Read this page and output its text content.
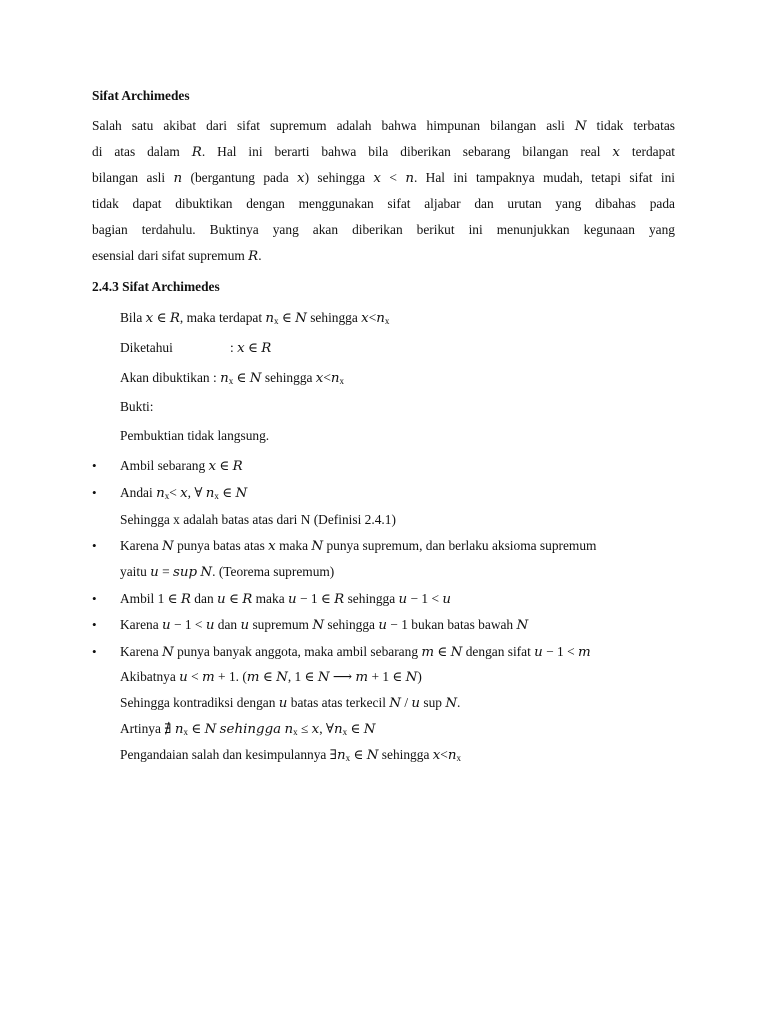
Sifat Archimedes
Salah satu akibat dari sifat supremum adalah bahwa himpunan bilangan asli 𝑁 tidak terbatas
di atas dalam 𝑅. Hal ini berarti bahwa bila diberikan sebarang bilangan real 𝑥 terdapat
bilangan asli 𝑛 (bergantung pada 𝑥) sehingga 𝑥 < 𝑛. Hal ini tampaknya mudah, tetapi sifat ini
tidak dapat dibuktikan dengan menggunakan sifat aljabar dan urutan yang dibahas pada
bagian terdahulu. Buktinya yang akan diberikan berikut ini menunjukkan kegunaan yang
esensial dari sifat supremum 𝑅.
2.4.3 Sifat Archimedes
Bila 𝑥 ∈ 𝑅, maka terdapat 𝑛$_x$ ∈ 𝑁 sehingga 𝑥<𝑛$_x$
Diketahui	: 𝑥 ∈ 𝑅
Akan dibuktikan : 𝑛$_x$ ∈ 𝑁 sehingga 𝑥<𝑛$_x$
Bukti:
Pembuktian tidak langsung.
•	Ambil sebarang 𝑥 ∈ 𝑅
•	Andai 𝑛$_x$< 𝑥, ∀ 𝑛$_x$ ∈ 𝑁
Sehingga x adalah batas atas dari N (Definisi 2.4.1)
•	Karena 𝑁 punya batas atas 𝑥 maka 𝑁 punya supremum, dan berlaku aksioma supremum
yaitu 𝑢 = 𝑠𝑢𝑝 𝑁. (Teorema supremum)
•	Ambil 1 ∈ 𝑅 dan 𝑢 ∈ 𝑅 maka 𝑢 − 1 ∈ 𝑅 sehingga 𝑢 − 1 < 𝑢
•	Karena 𝑢 − 1 < 𝑢 dan 𝑢 supremum 𝑁 sehingga 𝑢 − 1 bukan batas bawah 𝑁
•	Karena 𝑁 punya banyak anggota, maka ambil sebarang 𝑚 ∈ 𝑁 dengan sifat 𝑢 − 1 < 𝑚
Akibatnya 𝑢 < 𝑚 + 1. (𝑚 ∈ 𝑁, 1 ∈ 𝑁 ⟶ 𝑚 + 1 ∈ 𝑁)
Sehingga kontradiksi dengan 𝑢 batas atas terkecil 𝑁 / 𝑢 sup 𝑁.
Artinya ∄ 𝑛$_x$ ∈ 𝑁 𝑠𝑒ℎ𝑖𝑛𝑔𝑔𝑎 𝑛$_x$ ≤ 𝑥, ∀𝑛$_x$ ∈ 𝑁
Pengandaian salah dan kesimpulannya ∃𝑛$_x$ ∈ 𝑁 sehingga 𝑥<𝑛$_x$
